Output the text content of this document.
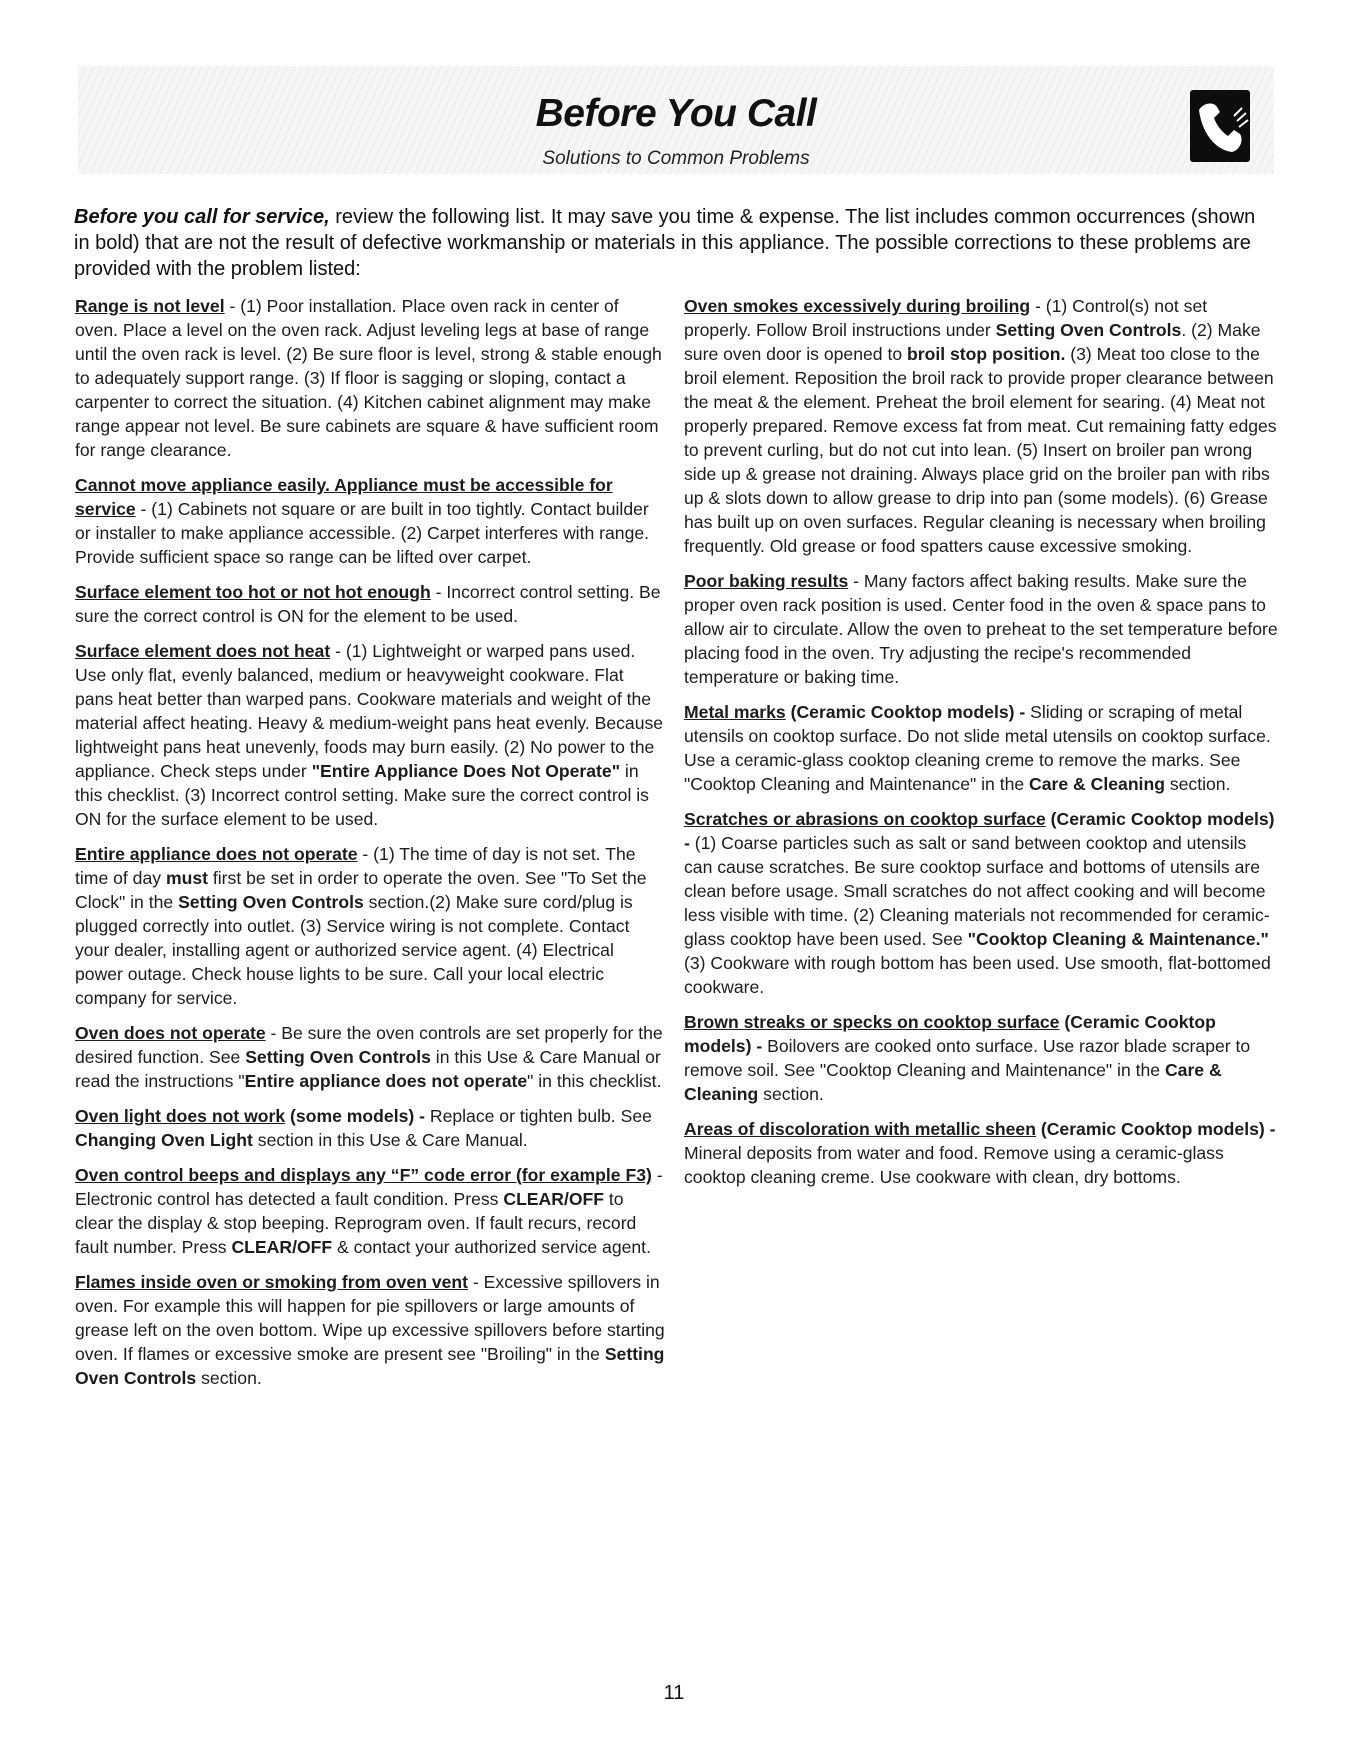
Before You Call
Solutions to Common Problems
Before you call for service, review the following list. It may save you time & expense. The list includes common occurrences (shown in bold) that are not the result of defective workmanship or materials in this appliance. The possible corrections to these problems are provided with the problem listed:
Range is not level - (1) Poor installation. Place oven rack in center of oven. Place a level on the oven rack. Adjust leveling legs at base of range until the oven rack is level. (2) Be sure floor is level, strong & stable enough to adequately support range. (3) If floor is sagging or sloping, contact a carpenter to correct the situation. (4) Kitchen cabinet alignment may make range appear not level. Be sure cabinets are square & have sufficient room for range clearance.
Cannot move appliance easily. Appliance must be accessible for service - (1) Cabinets not square or are built in too tightly. Contact builder or installer to make appliance accessible. (2) Carpet interferes with range. Provide sufficient space so range can be lifted over carpet.
Surface element too hot or not hot enough - Incorrect control setting. Be sure the correct control is ON for the element to be used.
Surface element does not heat - (1) Lightweight or warped pans used. Use only flat, evenly balanced, medium or heavyweight cookware. Flat pans heat better than warped pans. Cookware materials and weight of the material affect heating. Heavy & medium-weight pans heat evenly. Because lightweight pans heat unevenly, foods may burn easily. (2) No power to the appliance. Check steps under "Entire Appliance Does Not Operate" in this checklist. (3) Incorrect control setting. Make sure the correct control is ON for the surface element to be used.
Entire appliance does not operate - (1) The time of day is not set. The time of day must first be set in order to operate the oven. See "To Set the Clock" in the Setting Oven Controls section.(2) Make sure cord/plug is plugged correctly into outlet. (3) Service wiring is not complete. Contact your dealer, installing agent or authorized service agent. (4) Electrical power outage. Check house lights to be sure. Call your local electric company for service.
Oven does not operate - Be sure the oven controls are set properly for the desired function. See Setting Oven Controls in this Use & Care Manual or read the instructions "Entire appliance does not operate" in this checklist.
Oven light does not work (some models) - Replace or tighten bulb. See Changing Oven Light section in this Use & Care Manual.
Oven control beeps and displays any “F” code error (for example F3) - Electronic control has detected a fault condition. Press CLEAR/OFF to clear the display & stop beeping. Reprogram oven. If fault recurs, record fault number. Press CLEAR/OFF & contact your authorized service agent.
Flames inside oven or smoking from oven vent - Excessive spillovers in oven. For example this will happen for pie spillovers or large amounts of grease left on the oven bottom. Wipe up excessive spillovers before starting oven. If flames or excessive smoke are present see "Broiling" in the Setting Oven Controls section.
Oven smokes excessively during broiling - (1) Control(s) not set properly. Follow Broil instructions under Setting Oven Controls. (2) Make sure oven door is opened to broil stop position. (3) Meat too close to the broil element. Reposition the broil rack to provide proper clearance between the meat & the element. Preheat the broil element for searing. (4) Meat not properly prepared. Remove excess fat from meat. Cut remaining fatty edges to prevent curling, but do not cut into lean. (5) Insert on broiler pan wrong side up & grease not draining. Always place grid on the broiler pan with ribs up & slots down to allow grease to drip into pan (some models). (6) Grease has built up on oven surfaces. Regular cleaning is necessary when broiling frequently. Old grease or food spatters cause excessive smoking.
Poor baking results - Many factors affect baking results. Make sure the proper oven rack position is used. Center food in the oven & space pans to allow air to circulate. Allow the oven to preheat to the set temperature before placing food in the oven. Try adjusting the recipe's recommended temperature or baking time.
Metal marks (Ceramic Cooktop models) - Sliding or scraping of metal utensils on cooktop surface. Do not slide metal utensils on cooktop surface. Use a ceramic-glass cooktop cleaning creme to remove the marks. See "Cooktop Cleaning and Maintenance" in the Care & Cleaning section.
Scratches or abrasions on cooktop surface (Ceramic Cooktop models) - (1) Coarse particles such as salt or sand between cooktop and utensils can cause scratches. Be sure cooktop surface and bottoms of utensils are clean before usage. Small scratches do not affect cooking and will become less visible with time. (2) Cleaning materials not recommended for ceramic-glass cooktop have been used. See "Cooktop Cleaning & Maintenance." (3) Cookware with rough bottom has been used. Use smooth, flat-bottomed cookware.
Brown streaks or specks on cooktop surface (Ceramic Cooktop models) - Boilovers are cooked onto surface. Use razor blade scraper to remove soil. See "Cooktop Cleaning and Maintenance" in the Care & Cleaning section.
Areas of discoloration with metallic sheen (Ceramic Cooktop models) - Mineral deposits from water and food. Remove using a ceramic-glass cooktop cleaning creme. Use cookware with clean, dry bottoms.
11
